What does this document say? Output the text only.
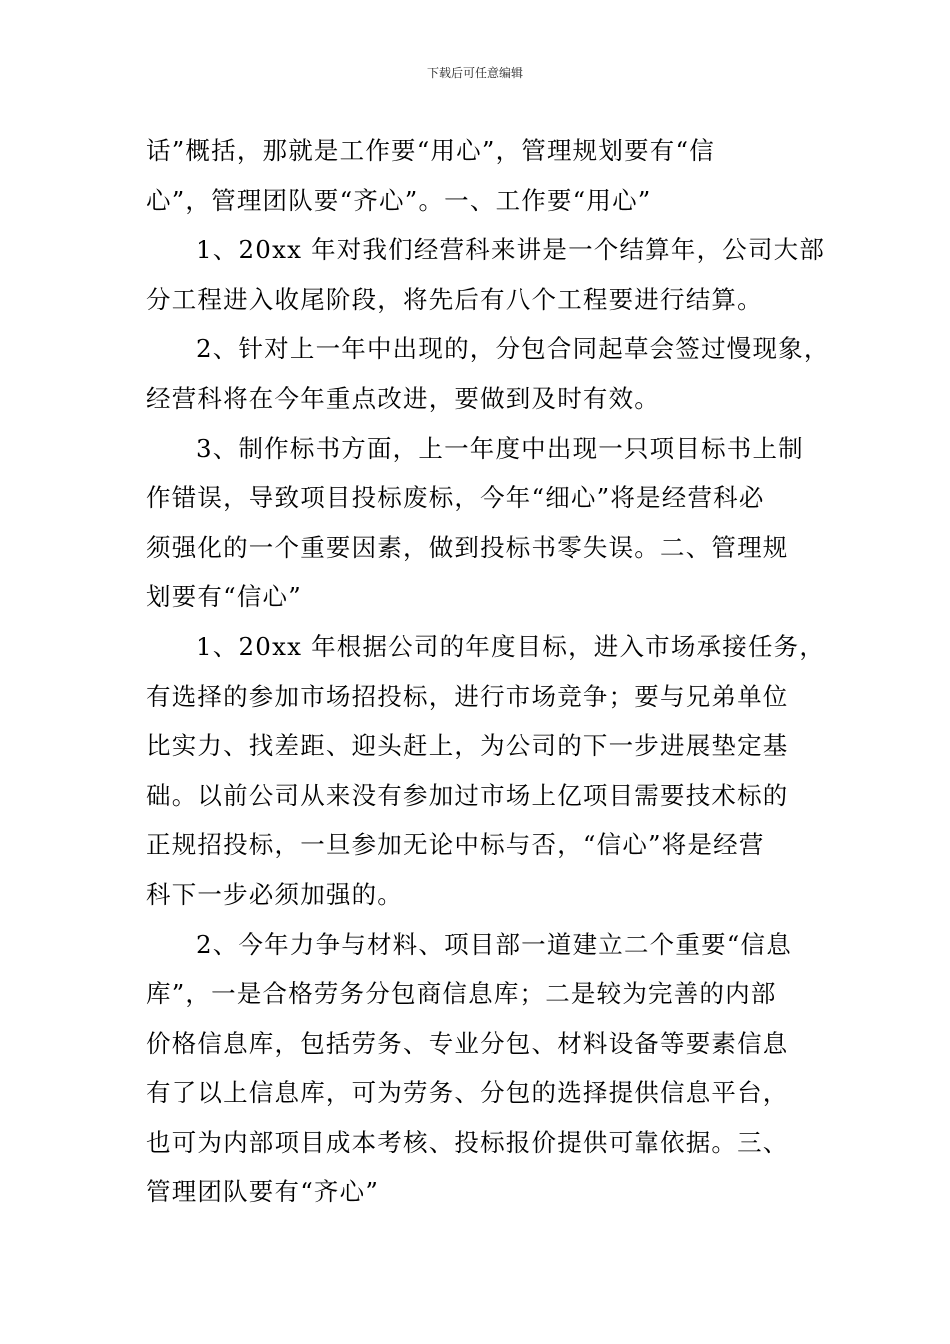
下载后可任意编辑
话”概括，那就是工作要“用心”，管理规划要有“信
心”，管理团队要“齐心”。一、工作要“用心”
1、20xx 年对我们经营科来讲是一个结算年，公司大部
分工程进入收尾阶段，将先后有八个工程要进行结算。
2、针对上一年中出现的，分包合同起草会签过慢现象，
经营科将在今年重点改进，要做到及时有效。
3、制作标书方面，上一年度中出现一只项目标书上制
作错误，导致项目投标废标，今年“细心”将是经营科必
须强化的一个重要因素，做到投标书零失误。二、管理规
划要有“信心”
1、20xx 年根据公司的年度目标，进入市场承接任务，
有选择的参加市场招投标，进行市场竞争；要与兄弟单位
比实力、找差距、迎头赶上，为公司的下一步进展垫定基
础。以前公司从来没有参加过市场上亿项目需要技术标的
正规招投标，一旦参加无论中标与否，“信心”将是经营
科下一步必须加强的。
2、今年力争与材料、项目部一道建立二个重要“信息
库”，一是合格劳务分包商信息库；二是较为完善的内部
价格信息库，包括劳务、专业分包、材料设备等要素信息
有了以上信息库，可为劳务、分包的选择提供信息平台，
也可为内部项目成本考核、投标报价提供可靠依据。三、
管理团队要有“齐心”
